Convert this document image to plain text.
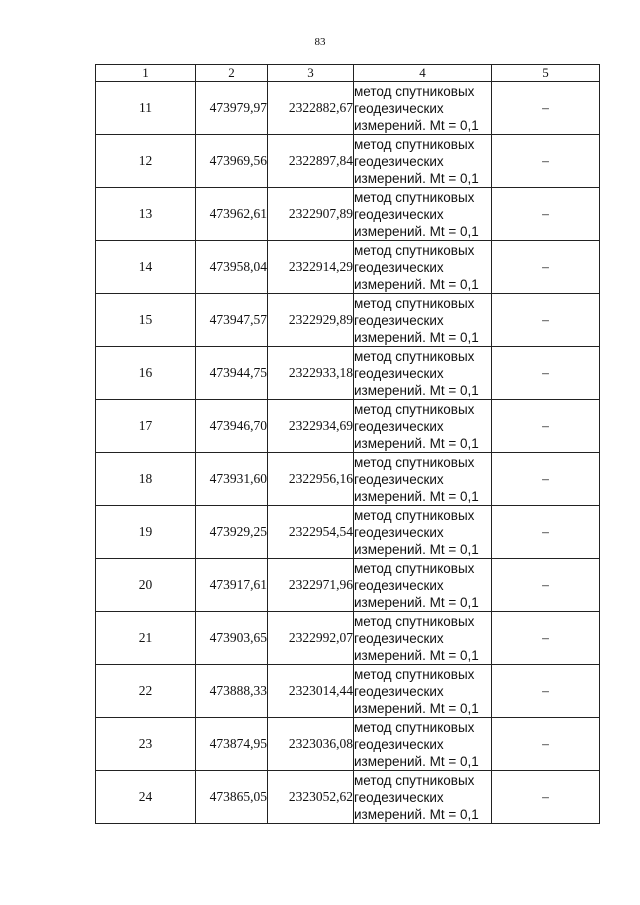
83
1	2	3	4	5
11	473979,97	2322882,67	метод спутниковых
геодезических
измерений. Mt = 0,1	–
12	473969,56	2322897,84	метод спутниковых
геодезических
измерений. Mt = 0,1	–
13	473962,61	2322907,89	метод спутниковых
геодезических
измерений. Mt = 0,1	–
14	473958,04	2322914,29	метод спутниковых
геодезических
измерений. Mt = 0,1	–
15	473947,57	2322929,89	метод спутниковых
геодезических
измерений. Mt = 0,1	–
16	473944,75	2322933,18	метод спутниковых
геодезических
измерений. Mt = 0,1	–
17	473946,70	2322934,69	метод спутниковых
геодезических
измерений. Mt = 0,1	–
18	473931,60	2322956,16	метод спутниковых
геодезических
измерений. Mt = 0,1	–
19	473929,25	2322954,54	метод спутниковых
геодезических
измерений. Mt = 0,1	–
20	473917,61	2322971,96	метод спутниковых
геодезических
измерений. Mt = 0,1	–
21	473903,65	2322992,07	метод спутниковых
геодезических
измерений. Mt = 0,1	–
22	473888,33	2323014,44	метод спутниковых
геодезических
измерений. Mt = 0,1	–
23	473874,95	2323036,08	метод спутниковых
геодезических
измерений. Mt = 0,1	–
24	473865,05	2323052,62	метод спутниковых
геодезических
измерений. Mt = 0,1	–
